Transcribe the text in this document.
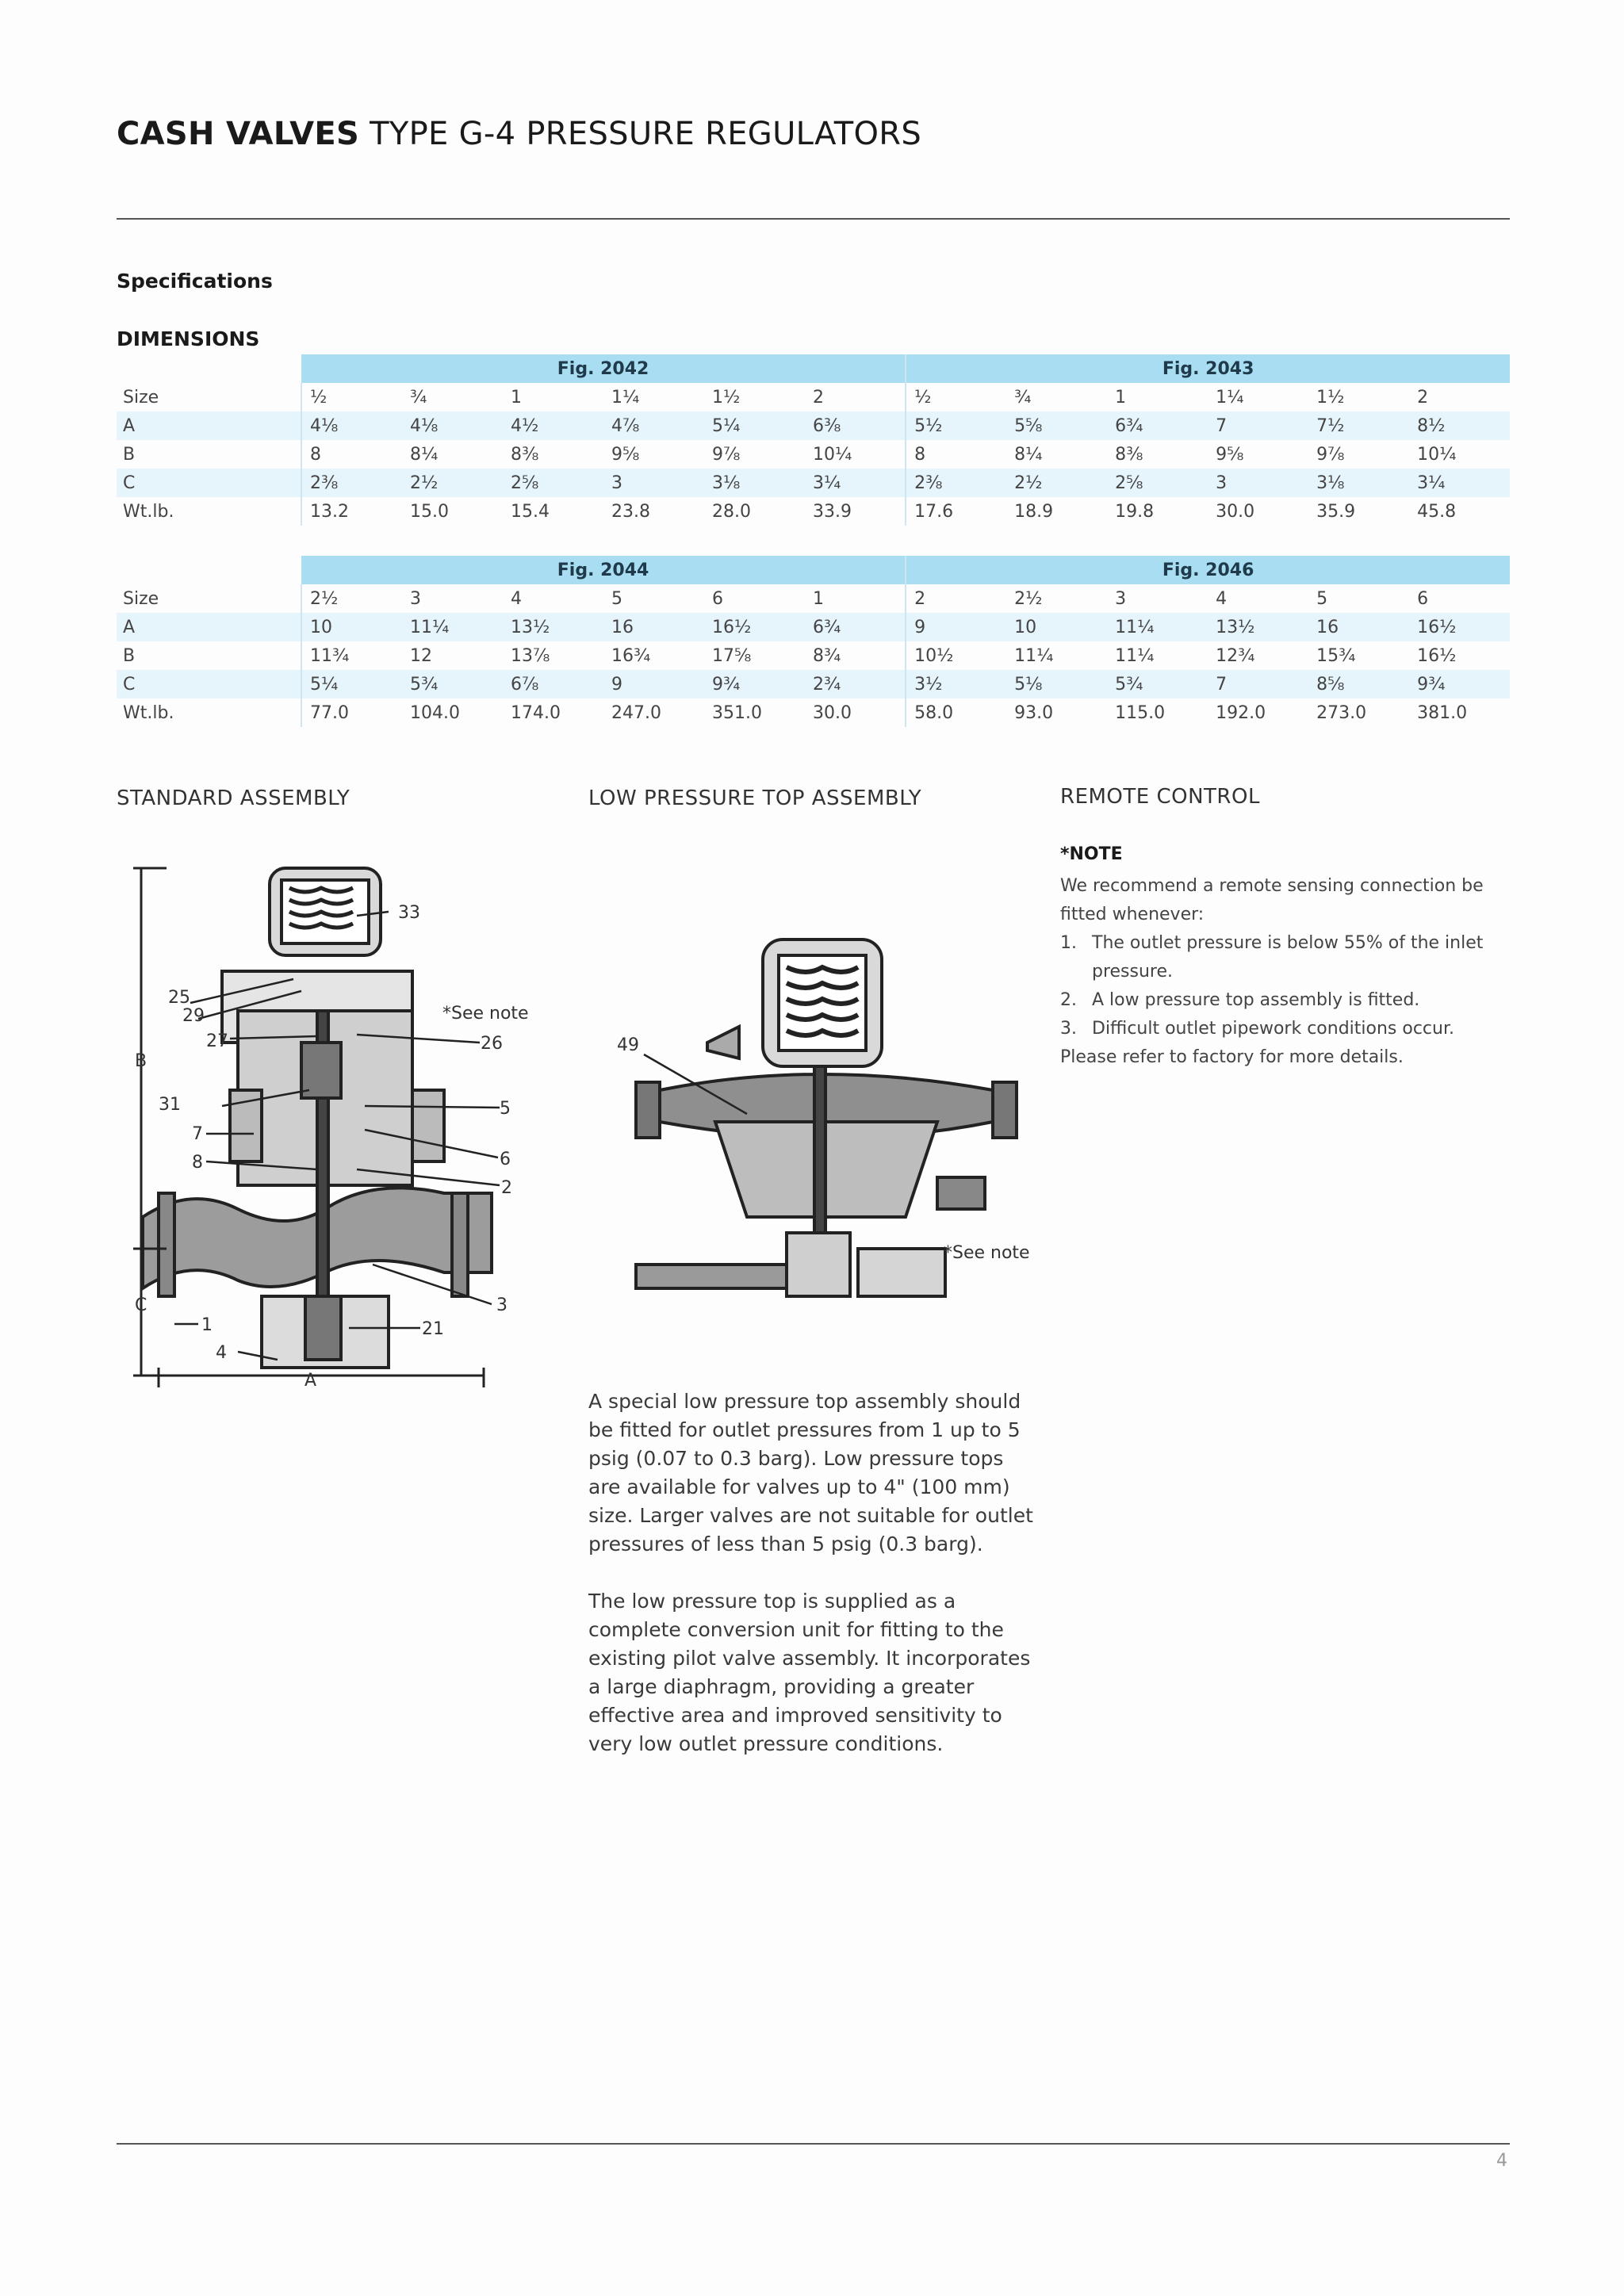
CASH VALVES TYPE G-4 PRESSURE REGULATORS
Specifications
DIMENSIONS
	Fig. 2042						Fig. 2043					
Size	½	¾	1	1¼	1½	2	½	¾	1	1¼	1½	2
A	4⅛	4⅛	4½	4⅞	5¼	6⅜	5½	5⅝	6¾	7	7½	8½
B	8	8¼	8⅜	9⅝	9⅞	10¼	8	8¼	8⅜	9⅝	9⅞	10¼
C	2⅜	2½	2⅝	3	3⅛	3¼	2⅜	2½	2⅝	3	3⅛	3¼
Wt.lb.	13.2	15.0	15.4	23.8	28.0	33.9	17.6	18.9	19.8	30.0	35.9	45.8
	Fig. 2044						Fig. 2046					
Size	2½	3	4	5	6	1	2	2½	3	4	5	6
A	10	11¼	13½	16	16½	6¾	9	10	11¼	13½	16	16½
B	11¾	12	13⅞	16¾	17⅝	8¾	10½	11¼	11¼	12¾	15¾	16½
C	5¼	5¾	6⅞	9	9¾	2¾	3½	5⅛	5¾	7	8⅝	9¾
Wt.lb.	77.0	104.0	174.0	247.0	351.0	30.0	58.0	93.0	115.0	192.0	273.0	381.0
STANDARD ASSEMBLY	LOW PRESSURE TOP ASSEMBLY	REMOTE CONTROL
33
25
29	*See note
27	26
B
31	5
7
6
8
2
C	3
1	21
4
A
49
*See note
*NOTE
We recommend a remote sensing connection be fitted whenever:
1. The outlet pressure is below 55% of the inlet pressure.
2. A low pressure top assembly is fitted.
3. Difficult outlet pipework conditions occur.
Please refer to factory for more details.
A special low pressure top assembly should be fitted for outlet pressures from 1 up to 5 psig (0.07 to 0.3 barg). Low pressure tops are available for valves up to 4" (100 mm) size. Larger valves are not suitable for outlet pressures of less than 5 psig (0.3 barg).
The low pressure top is supplied as a complete conversion unit for fitting to the existing pilot valve assembly. It incorporates a large diaphragm, providing a greater effective area and improved sensitivity to very low outlet pressure conditions.
4
